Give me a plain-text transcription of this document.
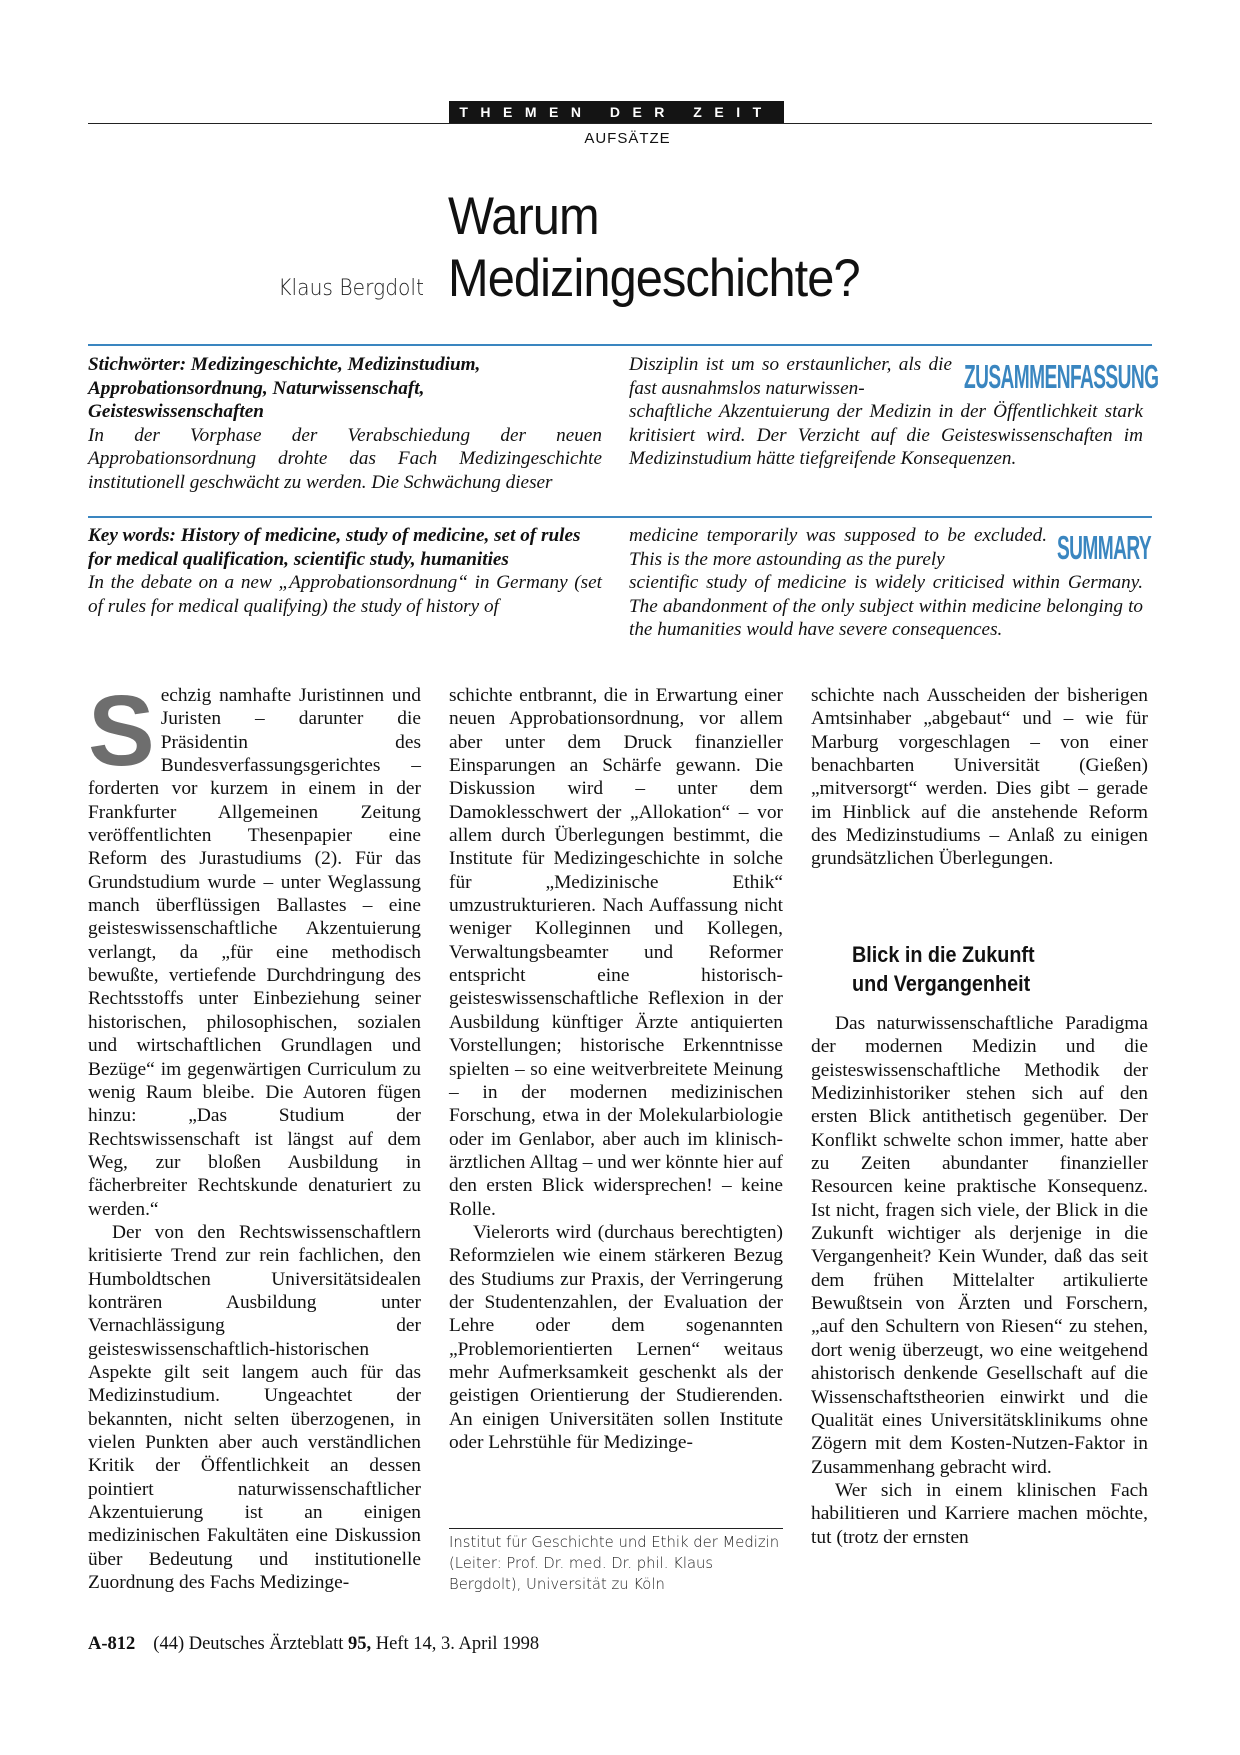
THEMEN DER ZEIT
AUFSÄTZE
Warum
Medizingeschichte?
Klaus Bergdolt
Stichwörter: Medizingeschichte, Medizinstudium, Approbationsordnung, Naturwissenschaft, Geisteswissenschaften
In der Vorphase der Verabschiedung der neuen Approbationsordnung drohte das Fach Medizingeschichte institutionell geschwächt zu werden. Die Schwächung dieser
Disziplin ist um so erstaunlicher, als die fast ausnahmslos naturwissen-	ZUSAMMENFASSUNG
schaftliche Akzentuierung der Medizin in der Öffentlichkeit stark kritisiert wird. Der Verzicht auf die Geisteswissenschaften im Medizinstudium hätte tiefgreifende Konsequenzen.
Key words: History of medicine, study of medicine, set of rules for medical qualification, scientific study, humanities
In the debate on a new „Approbationsordnung“ in Germany (set of rules for medical qualifying) the study of history of
medicine temporarily was supposed to be excluded. This is the more astounding as the purely	SUMMARY
scientific study of medicine is widely criticised within Germany. The abandonment of the only subject within medicine belonging to the humanities would have severe consequences.

Sechzig namhafte Juristinnen und Juristen – darunter die Präsidentin des Bundesverfassungsgerichtes – forderten vor kurzem in einem in der Frankfurter Allgemeinen Zeitung veröffentlichten Thesenpapier eine Reform des Jurastudiums (2). Für das Grundstudium wurde – unter Weglassung manch überflüssigen Ballastes – eine geisteswissenschaftliche Akzentuierung verlangt, da „für eine methodisch bewußte, vertiefende Durchdringung des Rechtsstoffs unter Einbeziehung seiner historischen, philosophischen, sozialen und wirtschaftlichen Grundlagen und Bezüge“ im gegenwärtigen Curriculum zu wenig Raum bleibe. Die Autoren fügen hinzu: „Das Studium der Rechtswissenschaft ist längst auf dem Weg, zur bloßen Ausbildung in fächerbreiter Rechtskunde denaturiert zu werden.“

Der von den Rechtswissenschaftlern kritisierte Trend zur rein fachlichen, den Humboldtschen Universitätsidealen konträren Ausbildung unter Vernachlässigung der geisteswissenschaftlich-historischen Aspekte gilt seit langem auch für das Medizinstudium. Ungeachtet der bekannten, nicht selten überzogenen, in vielen Punkten aber auch verständlichen Kritik der Öffentlichkeit an dessen pointiert naturwissenschaftlicher Akzentuierung ist an einigen medizinischen Fakultäten eine Diskussion über Bedeutung und institutionelle Zuordnung des Fachs Medizinge-

schichte entbrannt, die in Erwartung einer neuen Approbationsordnung, vor allem aber unter dem Druck finanzieller Einsparungen an Schärfe gewann. Die Diskussion wird – unter dem Damoklesschwert der „Allokation“ – vor allem durch Überlegungen bestimmt, die Institute für Medizingeschichte in solche für „Medizinische Ethik“ umzustrukturieren. Nach Auffassung nicht weniger Kolleginnen und Kollegen, Verwaltungsbeamter und Reformer entspricht eine historisch-geisteswissenschaftliche Reflexion in der Ausbildung künftiger Ärzte antiquierten Vorstellungen; historische Erkenntnisse spielten – so eine weitverbreitete Meinung – in der modernen medizinischen Forschung, etwa in der Molekularbiologie oder im Genlabor, aber auch im klinisch-ärztlichen Alltag – und wer könnte hier auf den ersten Blick widersprechen! – keine Rolle.

Vielerorts wird (durchaus berechtigten) Reformzielen wie einem stärkeren Bezug des Studiums zur Praxis, der Verringerung der Studentenzahlen, der Evaluation der Lehre oder dem sogenannten „Problemorientierten Lernen“ weitaus mehr Aufmerksamkeit geschenkt als der geistigen Orientierung der Studierenden. An einigen Universitäten sollen Institute oder Lehrstühle für Medizinge-

Institut für Geschichte und Ethik der Medizin (Leiter: Prof. Dr. med. Dr. phil. Klaus Bergdolt), Universität zu Köln

schichte nach Ausscheiden der bisherigen Amtsinhaber „abgebaut“ und – wie für Marburg vorgeschlagen – von einer benachbarten Universität (Gießen) „mitversorgt“ werden. Dies gibt – gerade im Hinblick auf die anstehende Reform des Medizinstudiums – Anlaß zu einigen grundsätzlichen Überlegungen.

Blick in die Zukunft
und Vergangenheit

Das naturwissenschaftliche Paradigma der modernen Medizin und die geisteswissenschaftliche Methodik der Medizinhistoriker stehen sich auf den ersten Blick antithetisch gegenüber. Der Konflikt schwelte schon immer, hatte aber zu Zeiten abundanter finanzieller Resourcen keine praktische Konsequenz. Ist nicht, fragen sich viele, der Blick in die Zukunft wichtiger als derjenige in die Vergangenheit? Kein Wunder, daß das seit dem frühen Mittelalter artikulierte Bewußtsein von Ärzten und Forschern, „auf den Schultern von Riesen“ zu stehen, dort wenig überzeugt, wo eine weitgehend ahistorisch denkende Gesellschaft auf die Wissenschaftstheorien einwirkt und die Qualität eines Universitätsklinikums ohne Zögern mit dem Kosten-Nutzen-Faktor in Zusammenhang gebracht wird.

Wer sich in einem klinischen Fach habilitieren und Karriere machen möchte, tut (trotz der ernsten

A-812 (44) Deutsches Ärzteblatt 95, Heft 14, 3. April 1998
